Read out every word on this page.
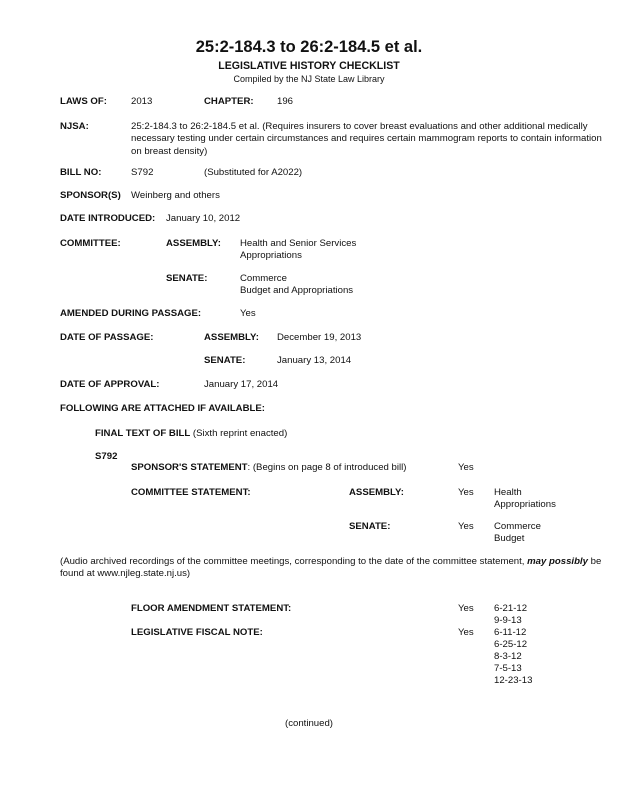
25:2-184.3 to 26:2-184.5 et al.
LEGISLATIVE HISTORY CHECKLIST
Compiled by the NJ State Law Library
LAWS OF:	2013	CHAPTER: 196
NJSA:	25:2-184.3 to 26:2-184.5 et al. (Requires insurers to cover breast evaluations and other additional medically necessary testing under certain circumstances and requires certain mammogram reports to contain information on breast density)
BILL NO:	S792	(Substituted for A2022)
SPONSOR(S) Weinberg and others
DATE INTRODUCED: January 10, 2012
COMMITTEE:	ASSEMBLY: Health and Senior Services
Appropriations
SENATE:	Commerce
Budget and Appropriations
AMENDED DURING PASSAGE:	Yes
DATE OF PASSAGE:	ASSEMBLY: December 19, 2013
SENATE:	January 13, 2014
DATE OF APPROVAL:	January 17, 2014
FOLLOWING ARE ATTACHED IF AVAILABLE:
FINAL TEXT OF BILL (Sixth reprint enacted)
S792
SPONSOR'S STATEMENT: (Begins on page 8 of introduced bill)	Yes
COMMITTEE STATEMENT:	ASSEMBLY:	Yes Health
Appropriations
SENATE:	Yes Commerce
Budget
(Audio archived recordings of the committee meetings, corresponding to the date of the committee statement, may possibly be found at www.njleg.state.nj.us)
FLOOR AMENDMENT STATEMENT:	Yes 6-21-12
9-9-13
LEGISLATIVE FISCAL NOTE:	Yes 6-11-12
6-25-12
8-3-12
7-5-13
12-23-13
(continued)
